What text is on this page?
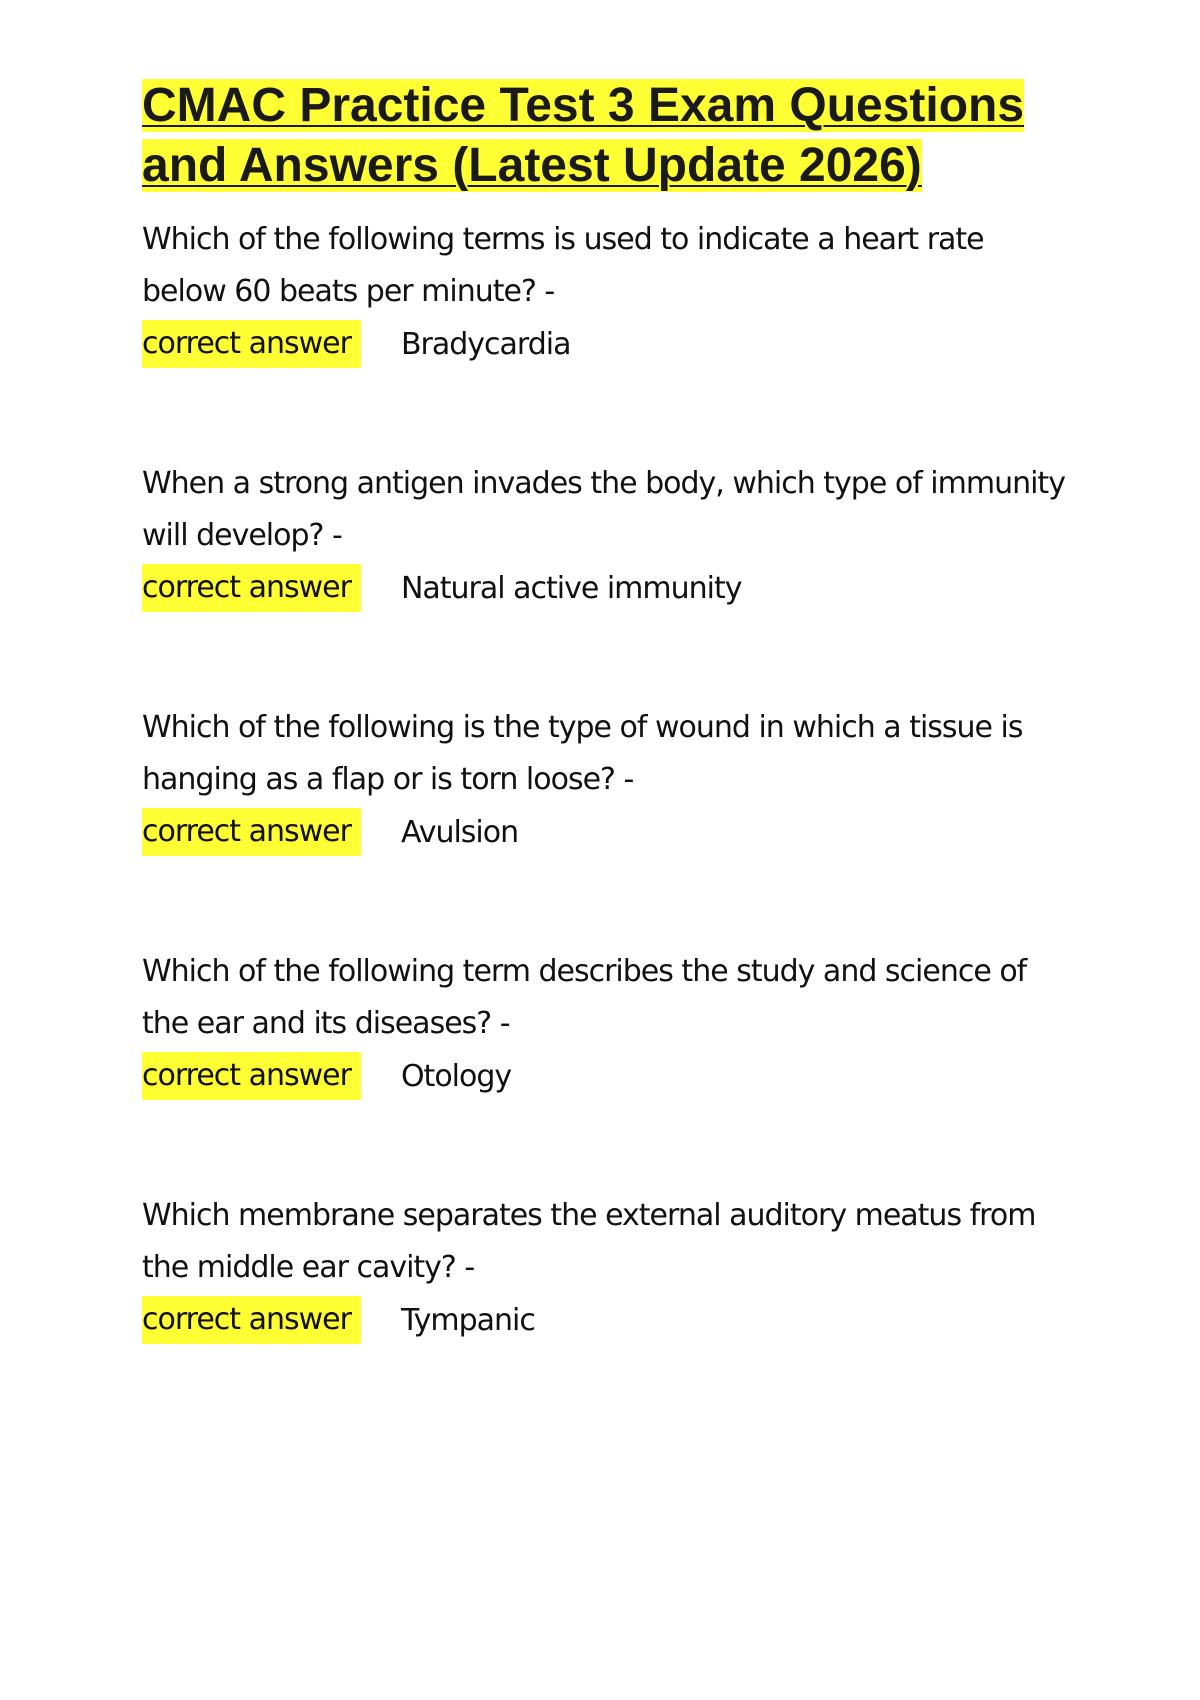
CMAC Practice Test 3 Exam Questions and Answers (Latest Update 2026)

Which of the following terms is used to indicate a heart rate below 60 beats per minute? -

correct answer	Bradycardia

When a strong antigen invades the body, which type of immunity will develop? -

correct answer	Natural active immunity

Which of the following is the type of wound in which a tissue is hanging as a flap or is torn loose? -

correct answer	Avulsion

Which of the following term describes the study and science of the ear and its diseases? -

correct answer	Otology

Which membrane separates the external auditory meatus from the middle ear cavity? -

correct answer	Tympanic
